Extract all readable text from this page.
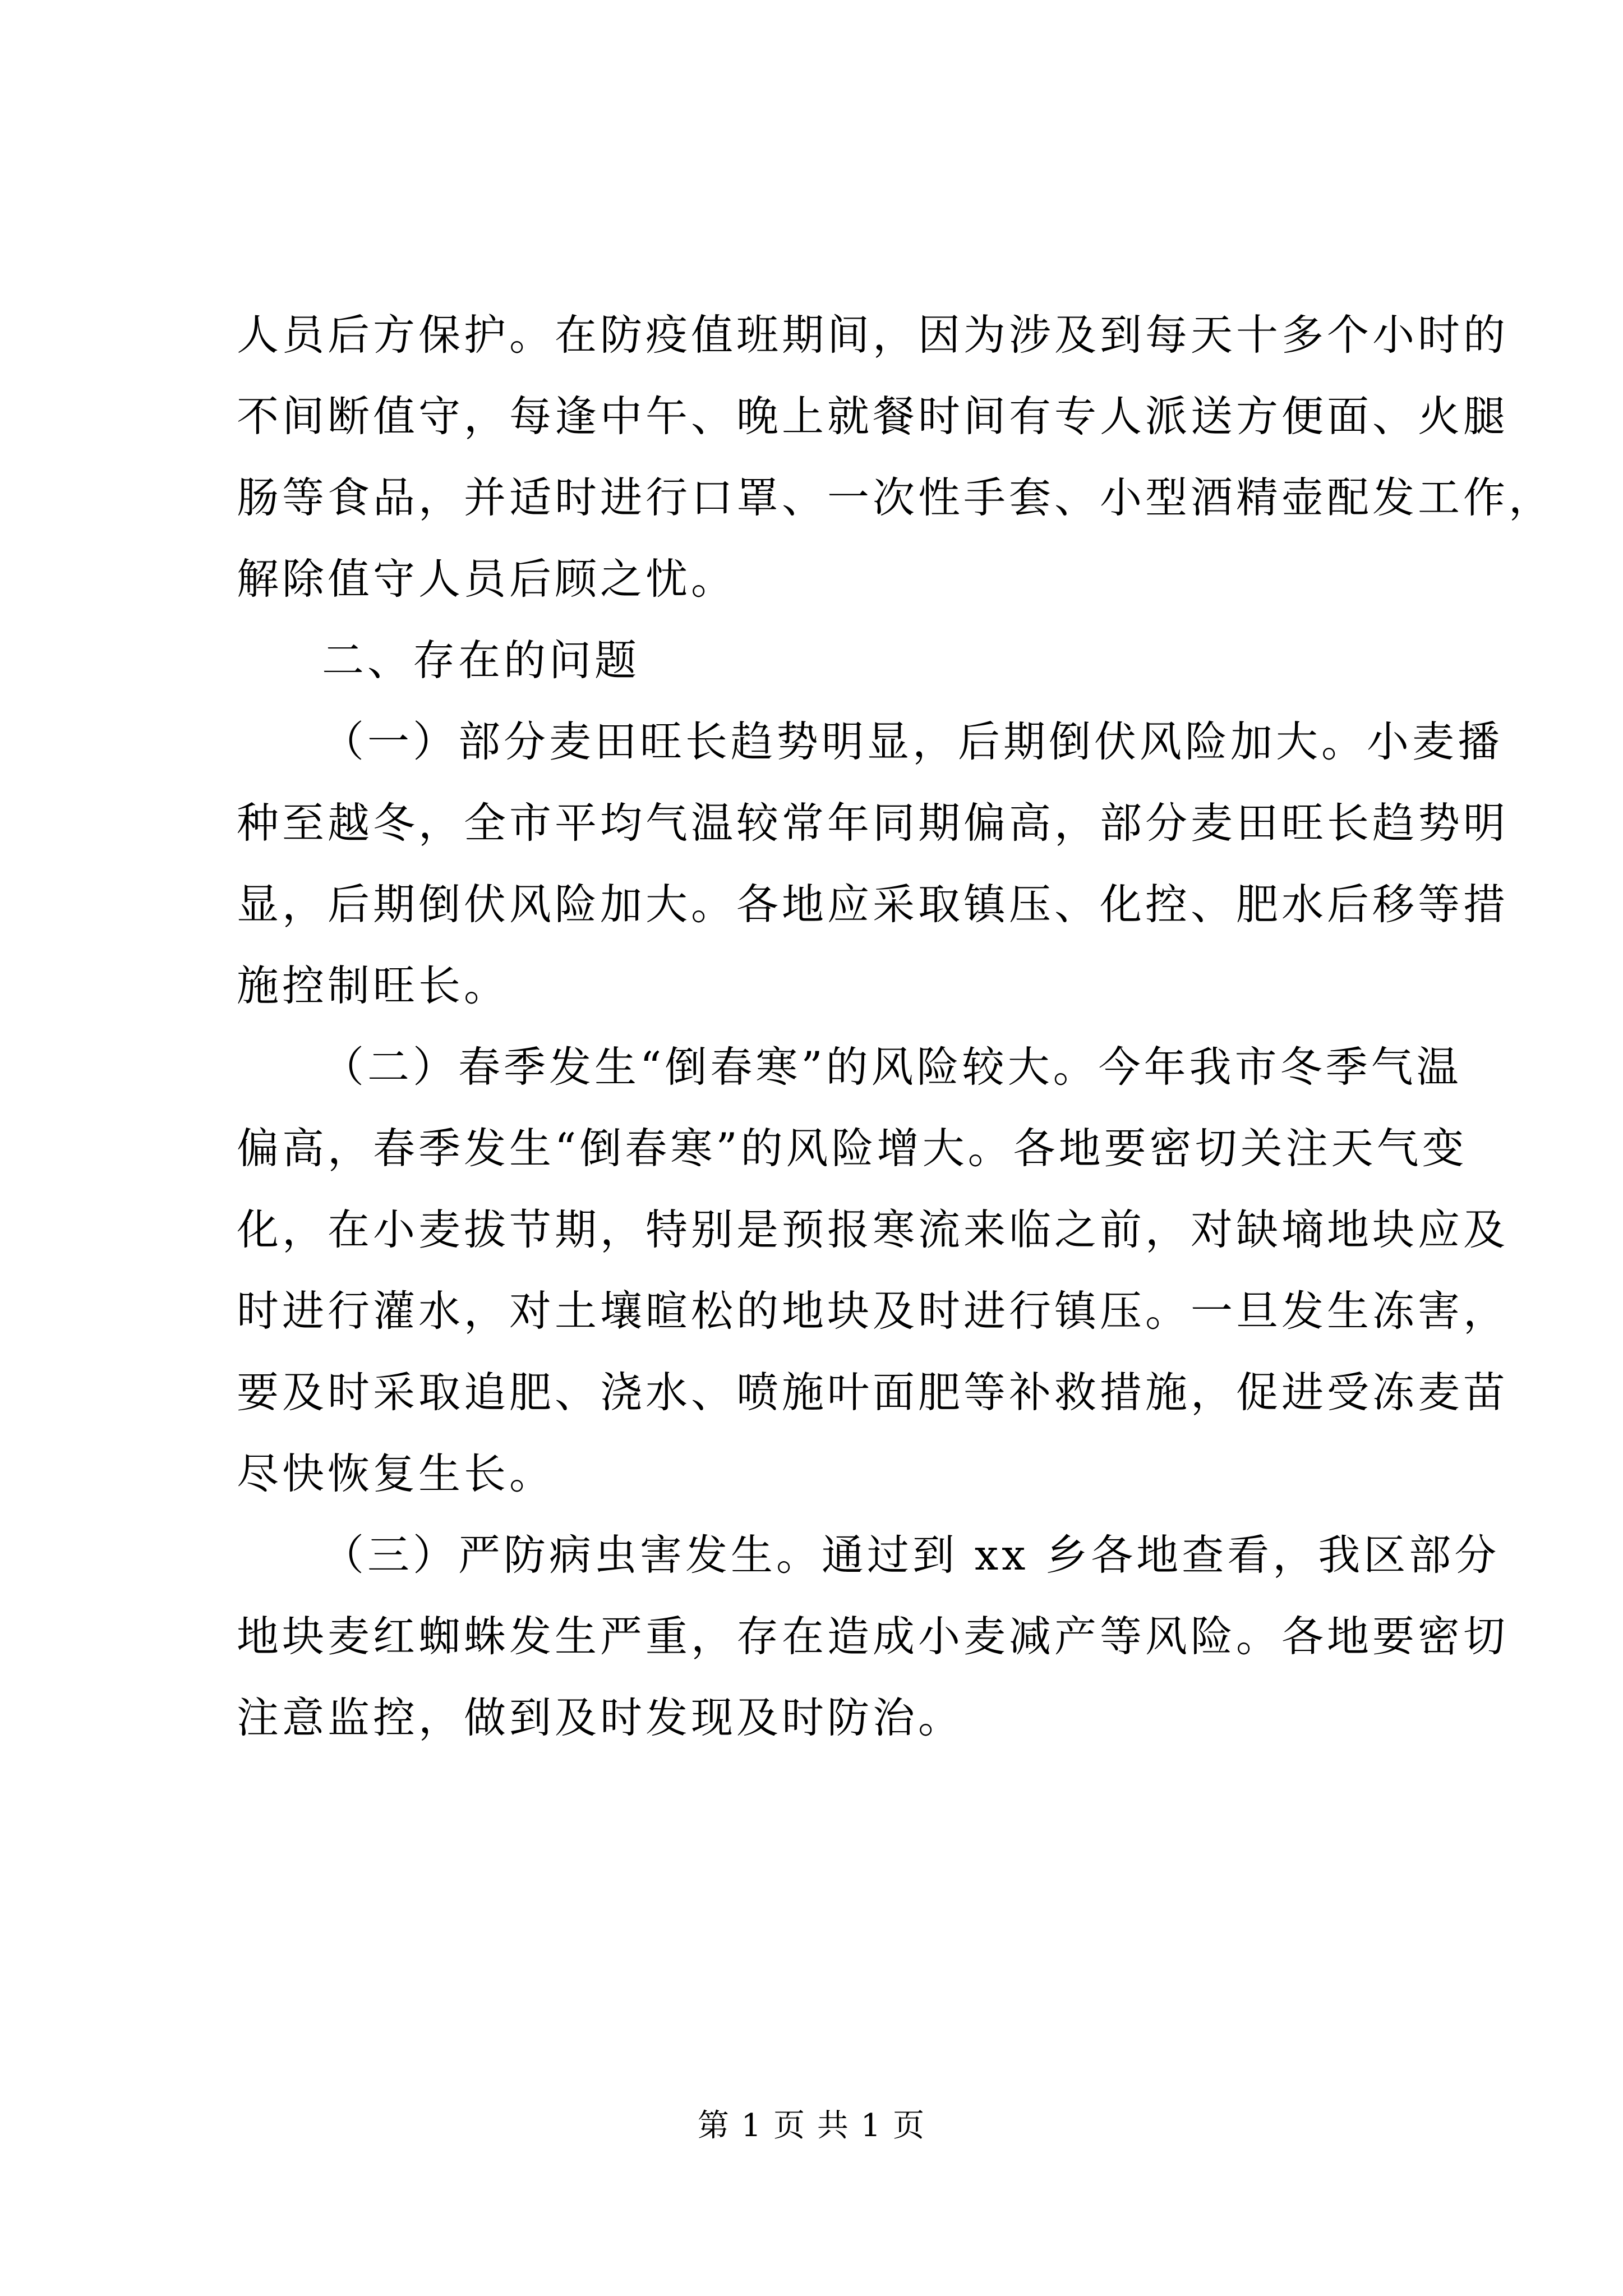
人员后方保护。在防疫值班期间，因为涉及到每天十多个小时的
不间断值守，每逢中午、晚上就餐时间有专人派送方便面、火腿
肠等食品，并适时进行口罩、一次性手套、小型酒精壶配发工作，
解除值守人员后顾之忧。
二、存在的问题
（一）部分麦田旺长趋势明显，后期倒伏风险加大。小麦播
种至越冬，全市平均气温较常年同期偏高，部分麦田旺长趋势明
显，后期倒伏风险加大。各地应采取镇压、化控、肥水后移等措
施控制旺长。
（二）春季发生“倒春寒”的风险较大。今年我市冬季气温
偏高，春季发生“倒春寒”的风险增大。各地要密切关注天气变
化，在小麦拔节期，特别是预报寒流来临之前，对缺墒地块应及
时进行灌水，对土壤暄松的地块及时进行镇压。一旦发生冻害，
要及时采取追肥、浇水、喷施叶面肥等补救措施，促进受冻麦苗
尽快恢复生长。
（三）严防病虫害发生。通过到 xx 乡各地查看，我区部分
地块麦红蜘蛛发生严重，存在造成小麦减产等风险。各地要密切
注意监控，做到及时发现及时防治。
第 1 页 共 1 页
